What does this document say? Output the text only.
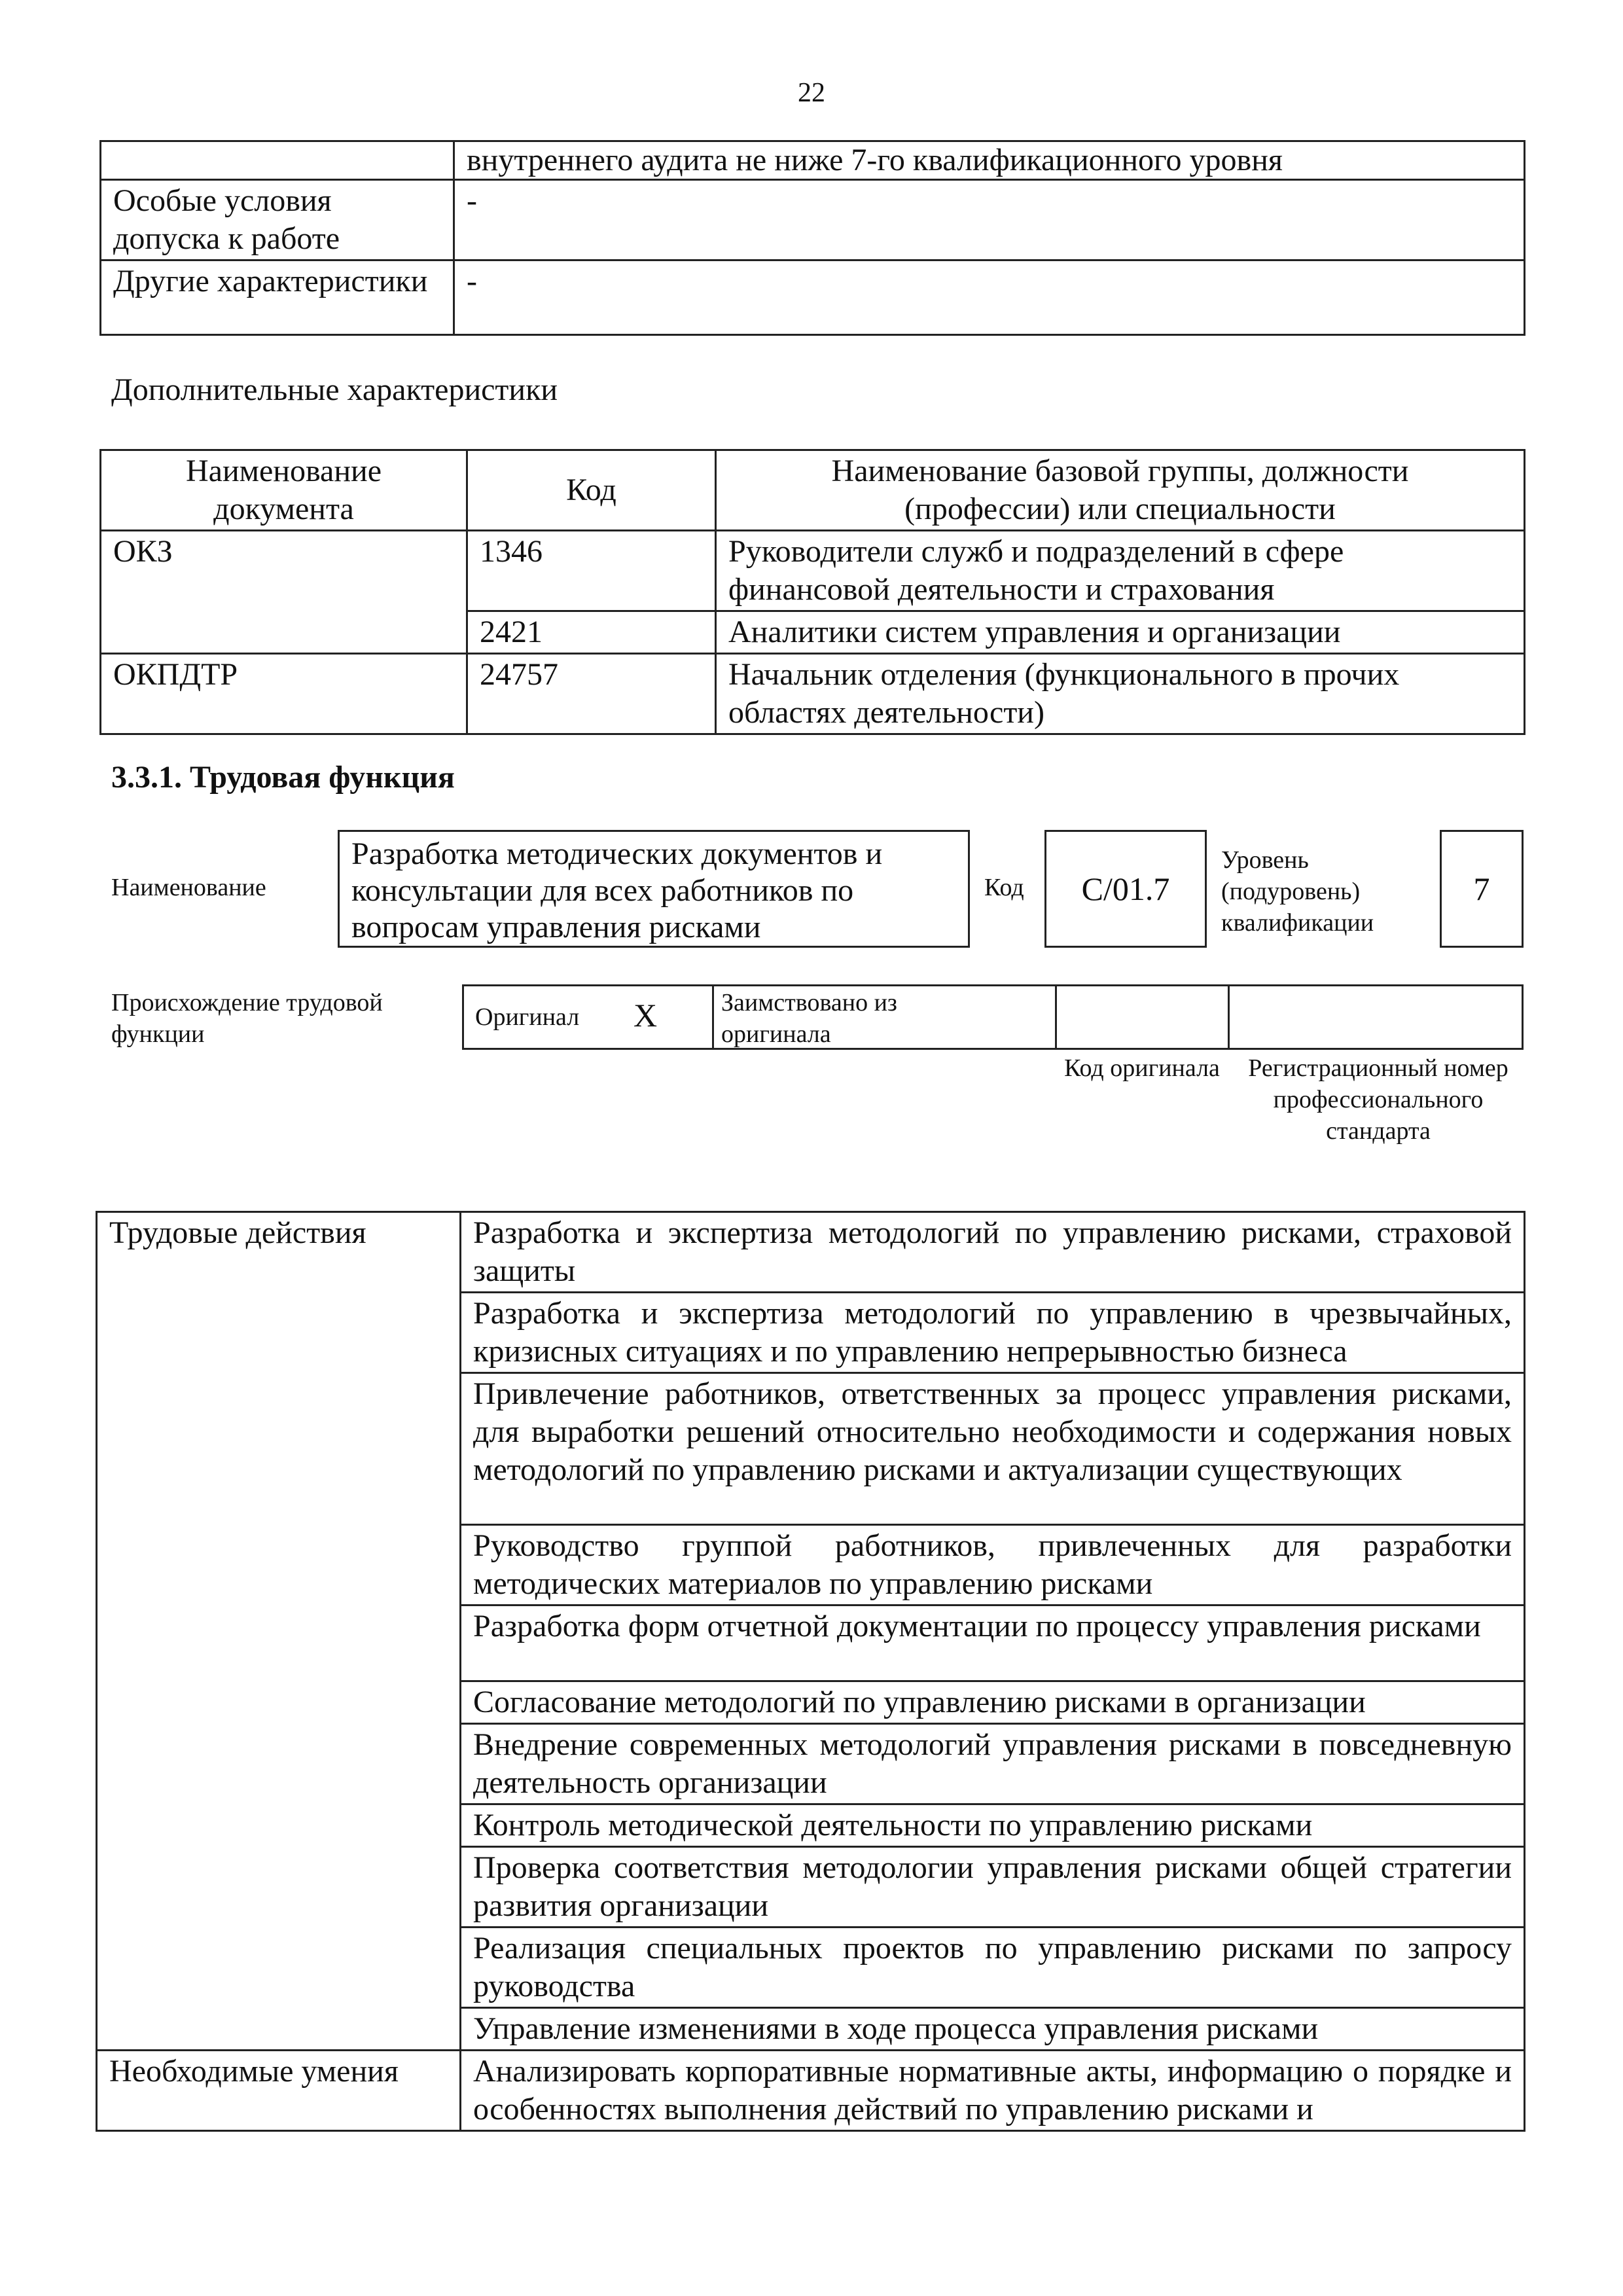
22
	внутреннего аудита не ниже 7-го квалификационного уровня
Особые условия допуска к работе	-
Другие характеристики	-
Дополнительные характеристики
Наименование документа	Код	Наименование базовой группы, должности (профессии) или специальности
ОКЗ	1346	Руководители служб и подразделений в сфере финансовой деятельности и страхования
	2421	Аналитики систем управления и организации
ОКПДТР	24757	Начальник отделения (функционального в прочих областях деятельности)
3.3.1. Трудовая функция
Наименование
Разработка методических документов и консультации для всех работников по вопросам управления рисками
Код C/01.7
Уровень (подуровень) квалификации
7
Происхождение трудовой функции
Оригинал X	Заимствовано из оригинала
Код оригинала	Регистрационный номер профессионального стандарта
Трудовые действия	Разработка и экспертиза методологий по управлению рисками, страховой защиты
	Разработка и экспертиза методологий по управлению в чрезвычайных, кризисных ситуациях и по управлению непрерывностью бизнеса
	Привлечение работников, ответственных за процесс управления рисками, для выработки решений относительно необходимости и содержания новых методологий по управлению рисками и актуализации существующих
	Руководство группой работников, привлеченных для разработки методических материалов по управлению рисками
	Разработка форм отчетной документации по процессу управления рисками
	Согласование методологий по управлению рисками в организации
	Внедрение современных методологий управления рисками в повседневную деятельность организации
	Контроль методической деятельности по управлению рисками
	Проверка соответствия методологии управления рисками общей стратегии развития организации
	Реализация специальных проектов по управлению рисками по запросу руководства
	Управление изменениями в ходе процесса управления рисками
Необходимые умения	Анализировать корпоративные нормативные акты, информацию о порядке и особенностях выполнения действий по управлению рисками и
